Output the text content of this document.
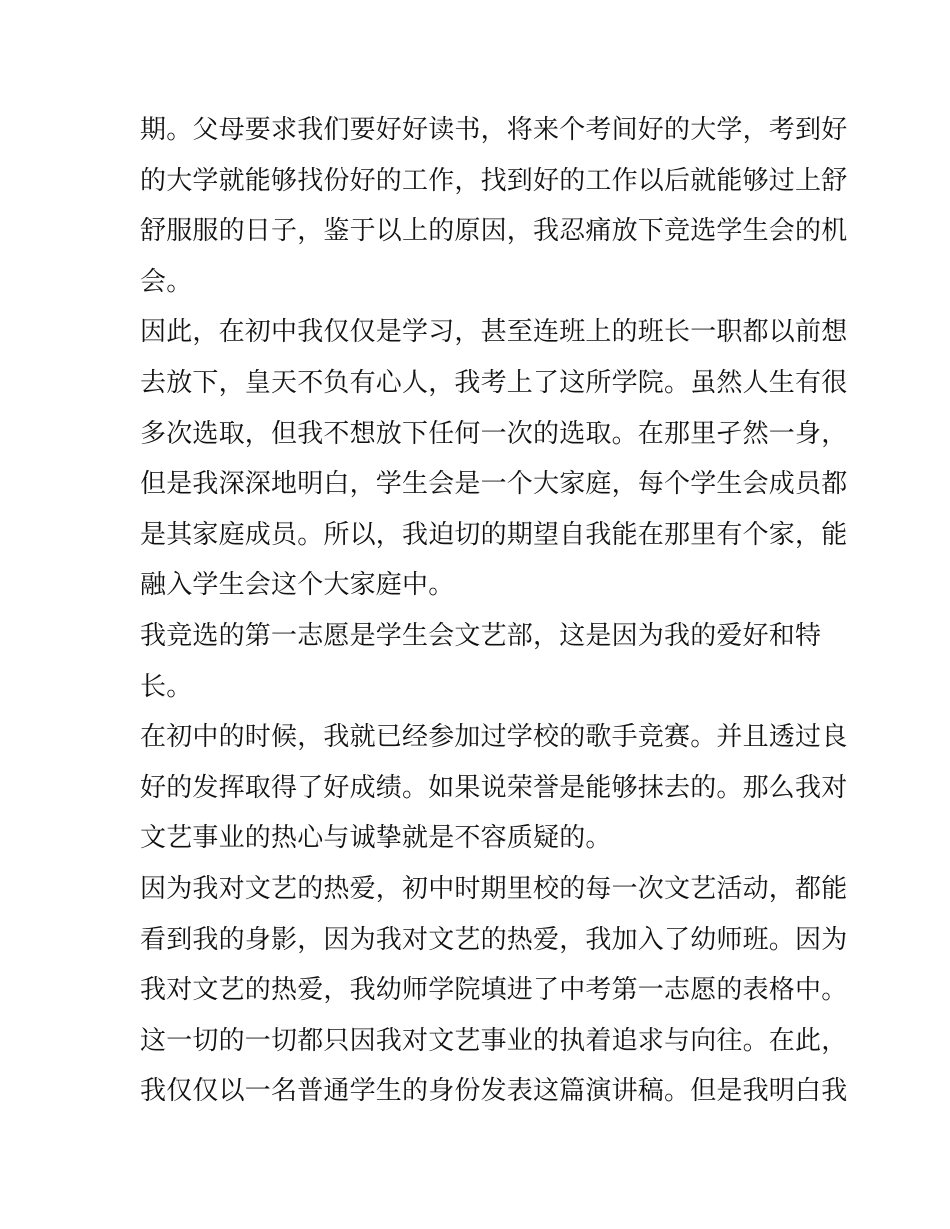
期。父母要求我们要好好读书，将来个考间好的大学，考到好
的大学就能够找份好的工作，找到好的工作以后就能够过上舒
舒服服的日子，鉴于以上的原因，我忍痛放下竞选学生会的机
会。
因此，在初中我仅仅是学习，甚至连班上的班长一职都以前想
去放下，皇天不负有心人，我考上了这所学院。虽然人生有很
多次选取，但我不想放下任何一次的选取。在那里孑然一身，
但是我深深地明白，学生会是一个大家庭，每个学生会成员都
是其家庭成员。所以，我迫切的期望自我能在那里有个家，能
融入学生会这个大家庭中。
我竞选的第一志愿是学生会文艺部，这是因为我的爱好和特
长。
在初中的时候，我就已经参加过学校的歌手竞赛。并且透过良
好的发挥取得了好成绩。如果说荣誉是能够抹去的。那么我对
文艺事业的热心与诚挚就是不容质疑的。
因为我对文艺的热爱，初中时期里校的每一次文艺活动，都能
看到我的身影，因为我对文艺的热爱，我加入了幼师班。因为
我对文艺的热爱，我幼师学院填进了中考第一志愿的表格中。
这一切的一切都只因我对文艺事业的执着追求与向往。在此，
我仅仅以一名普通学生的身份发表这篇演讲稿。但是我明白我
